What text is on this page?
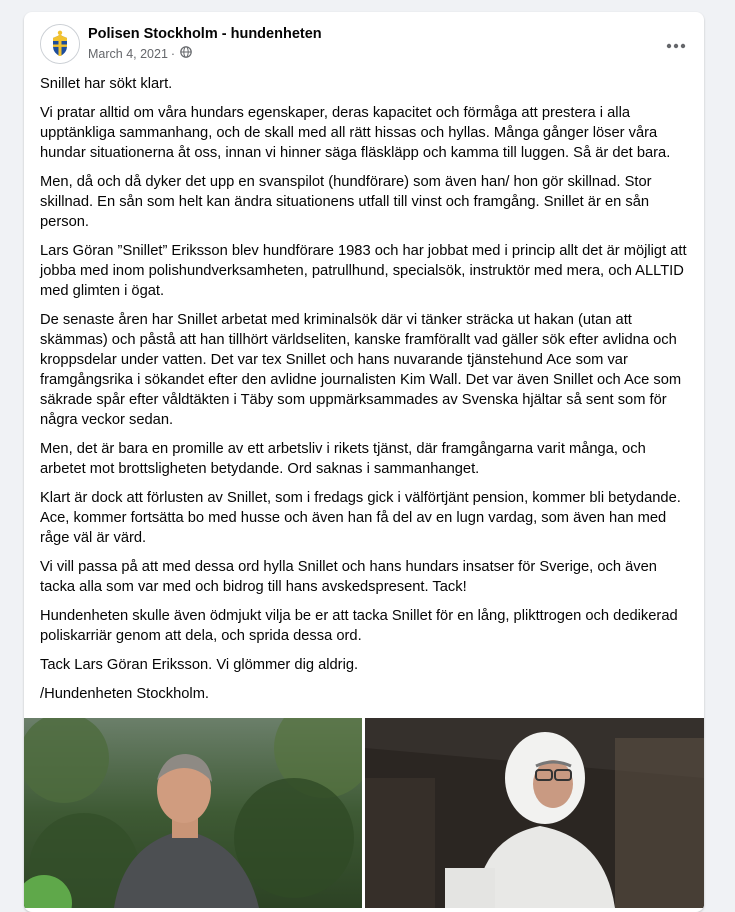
Polisen Stockholm - hundenheten
March 4, 2021 ·

Snillet har sökt klart.

Vi pratar alltid om våra hundars egenskaper, deras kapacitet och förmåga att prestera i alla upptänkliga sammanhang, och de skall med all rätt hissas och hyllas. Många gånger löser våra hundar situationerna åt oss, innan vi hinner säga fläskläpp och kamma till luggen. Så är det bara.

Men, då och då dyker det upp en svanspilot (hundförare) som även han/ hon gör skillnad. Stor skillnad. En sån som helt kan ändra situationens utfall till vinst och framgång. Snillet är en sån person.

Lars Göran ”Snillet” Eriksson blev hundförare 1983 och har jobbat med i princip allt det är möjligt att jobba med inom polishundverksamheten, patrullhund, specialsök, instruktör med mera, och ALLTID med glimten i ögat.

De senaste åren har Snillet arbetat med kriminalsök där vi tänker sträcka ut hakan (utan att skämmas) och påstå att han tillhört världseliten, kanske framförallt vad gäller sök efter avlidna och kroppsdelar under vatten. Det var tex Snillet och hans nuvarande tjänstehund Ace som var framgångsrika i sökandet efter den avlidne journalisten Kim Wall. Det var även Snillet och Ace som säkrade spår efter våldtäkten i Täby som uppmärksammades av Svenska hjältar så sent som för några veckor sedan.

Men, det är bara en promille av ett arbetsliv i rikets tjänst, där framgångarna varit många, och arbetet mot brottsligheten betydande. Ord saknas i sammanhanget.

Klart är dock att förlusten av Snillet, som i fredags gick i välförtjänt pension, kommer bli betydande.

Ace, kommer fortsätta bo med husse och även han få del av en lugn vardag, som även han med råge väl är värd.

Vi vill passa på att med dessa ord hylla Snillet och hans hundars insatser för Sverige, och även tacka alla som var med och bidrog till hans avskedspresent. Tack!

Hundenheten skulle även ödmjukt vilja be er att tacka Snillet för en lång, plikttrogen och dedikerad poliskarriär genom att dela, och sprida dessa ord.

Tack Lars Göran Eriksson. Vi glömmer dig aldrig.

/Hundenheten Stockholm.
